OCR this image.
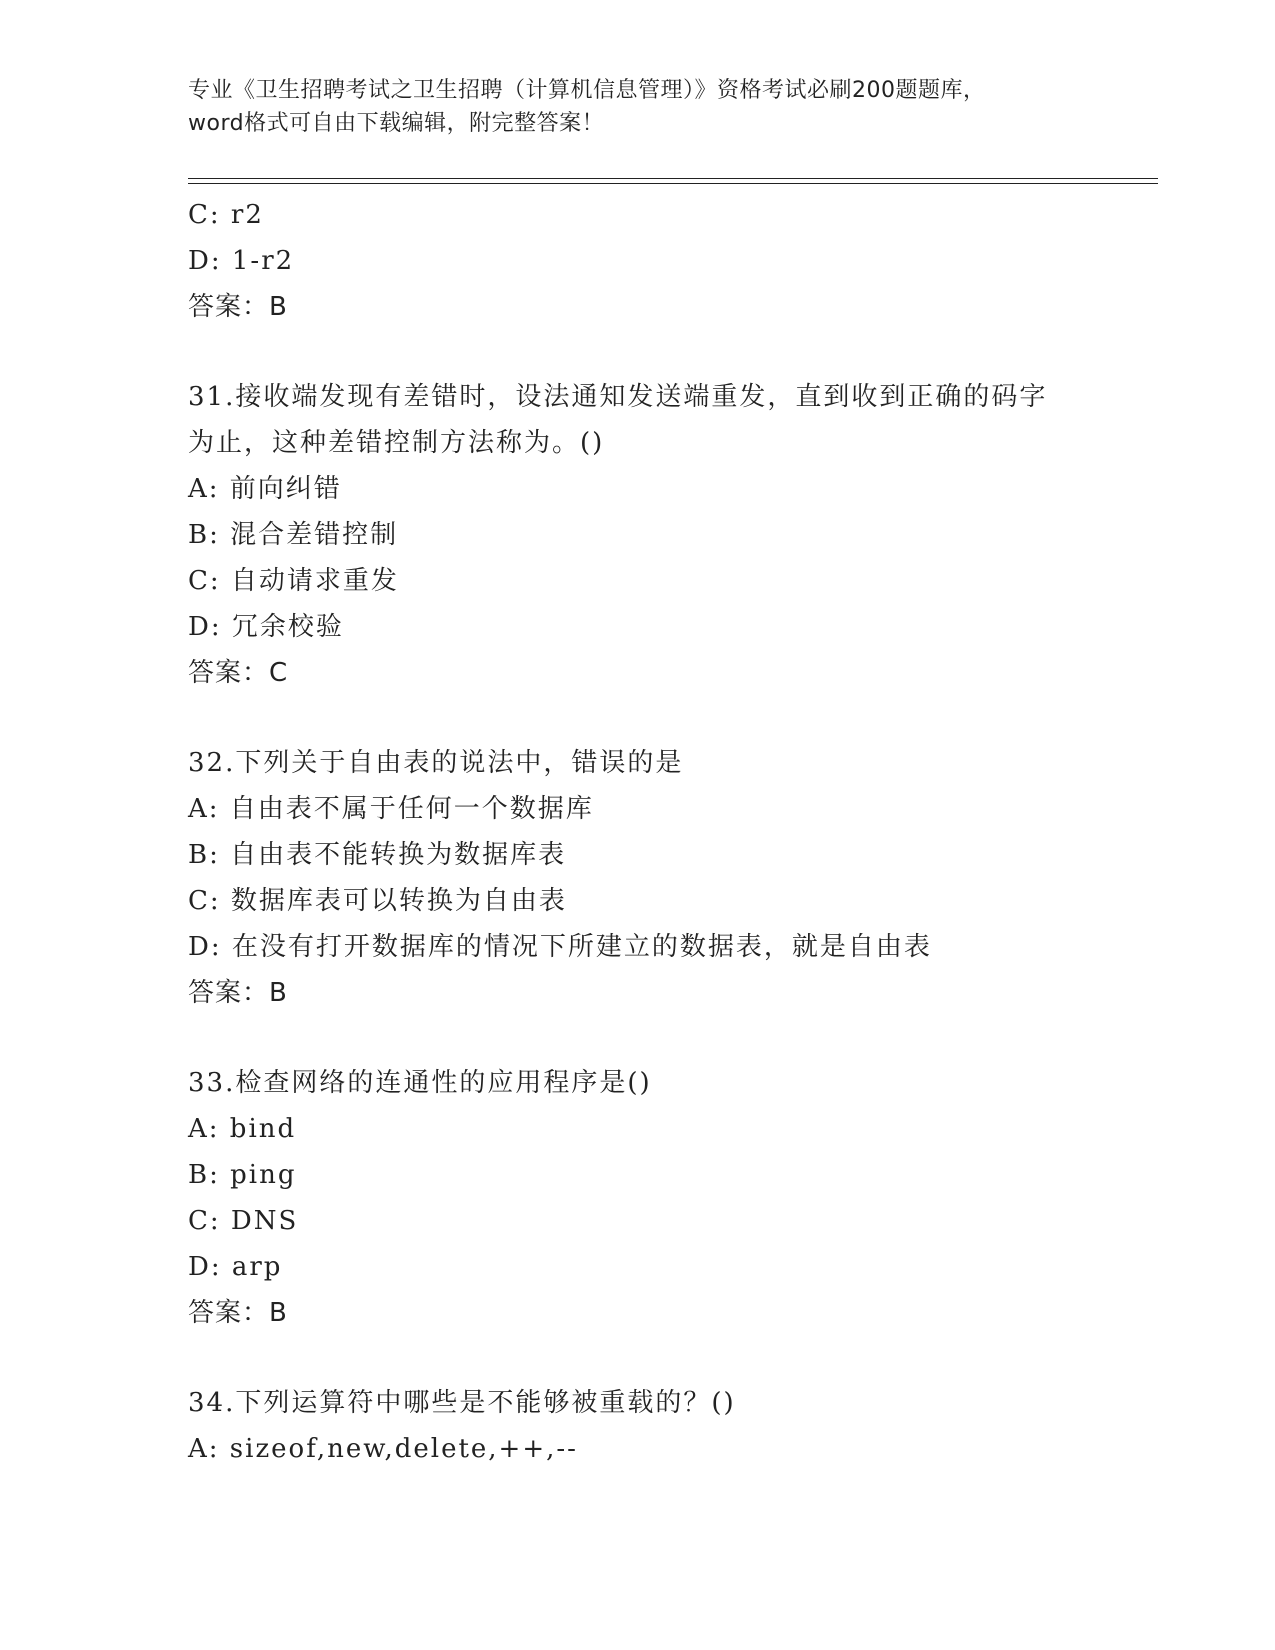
专业《卫生招聘考试之卫生招聘（计算机信息管理）》资格考试必刷200题题库，
word格式可自由下载编辑，附完整答案！
C: r2
D: 1-r2
答案：B
31.接收端发现有差错时，设法通知发送端重发，直到收到正确的码字
为止，这种差错控制方法称为。()
A: 前向纠错
B: 混合差错控制
C: 自动请求重发
D: 冗余校验
答案：C
32.下列关于自由表的说法中，错误的是
A: 自由表不属于任何一个数据库
B: 自由表不能转换为数据库表
C: 数据库表可以转换为自由表
D: 在没有打开数据库的情况下所建立的数据表，就是自由表
答案：B
33.检查网络的连通性的应用程序是()
A: bind
B: ping
C: DNS
D: arp
答案：B
34.下列运算符中哪些是不能够被重载的？()
A: sizeof,new,delete,++,--
